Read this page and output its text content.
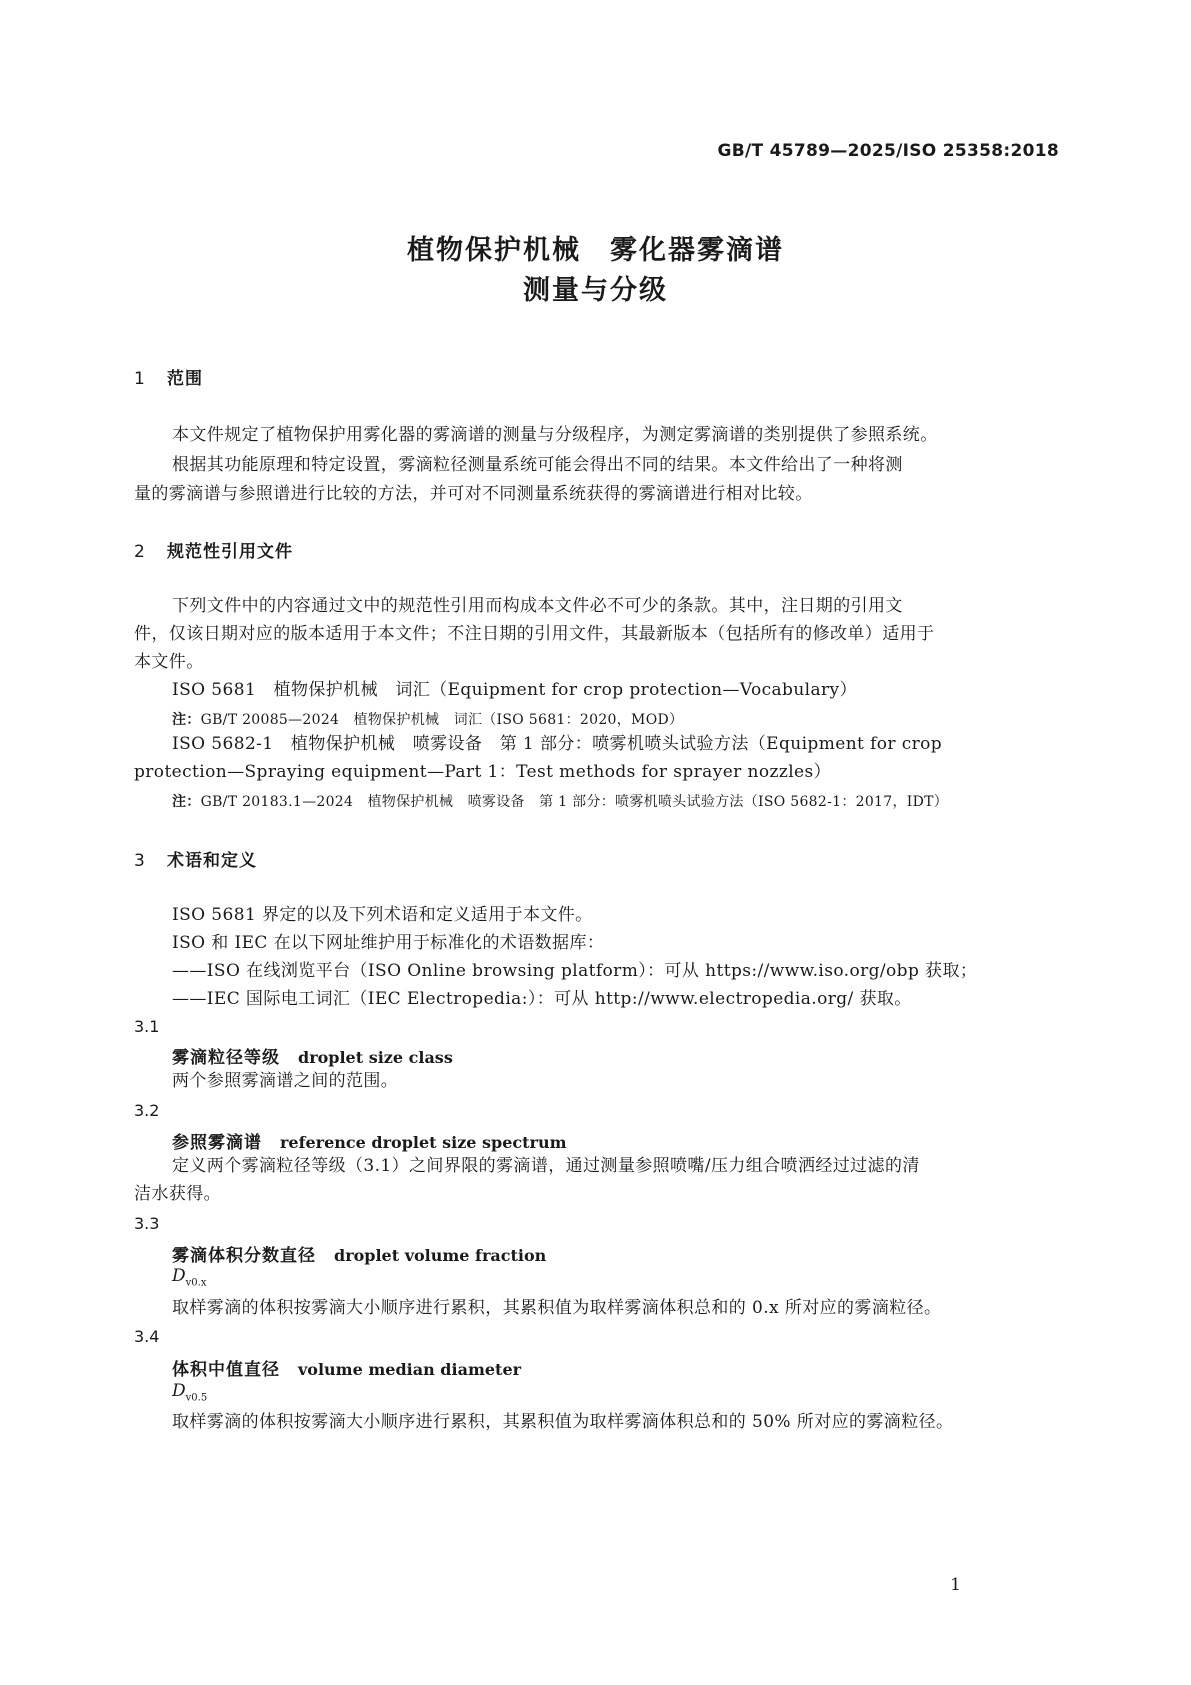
GB/T 45789—2025/ISO 25358:2018
植物保护机械　雾化器雾滴谱
测量与分级
1 范围
本文件规定了植物保护用雾化器的雾滴谱的测量与分级程序，为测定雾滴谱的类别提供了参照系统。
根据其功能原理和特定设置，雾滴粒径测量系统可能会得出不同的结果。本文件给出了一种将测
量的雾滴谱与参照谱进行比较的方法，并可对不同测量系统获得的雾滴谱进行相对比较。
2 规范性引用文件
下列文件中的内容通过文中的规范性引用而构成本文件必不可少的条款。其中，注日期的引用文
件，仅该日期对应的版本适用于本文件；不注日期的引用文件，其最新版本（包括所有的修改单）适用于
本文件。
ISO 5681　植物保护机械　词汇（Equipment for crop protection—Vocabulary）
注：GB/T 20085—2024　植物保护机械　词汇（ISO 5681：2020，MOD）
ISO 5682-1　植物保护机械　喷雾设备　第 1 部分：喷雾机喷头试验方法（Equipment for crop
protection—Spraying equipment—Part 1：Test methods for sprayer nozzles）
注：GB/T 20183.1—2024　植物保护机械　喷雾设备　第 1 部分：喷雾机喷头试验方法（ISO 5682-1：2017，IDT）
3 术语和定义
ISO 5681 界定的以及下列术语和定义适用于本文件。
ISO 和 IEC 在以下网址维护用于标准化的术语数据库：
——ISO 在线浏览平台（ISO Online browsing platform）：可从 https://www.iso.org/obp 获取；
——IEC 国际电工词汇（IEC Electropedia:）：可从 http://www.electropedia.org/ 获取。
3.1
雾滴粒径等级 droplet size class
两个参照雾滴谱之间的范围。
3.2
参照雾滴谱 reference droplet size spectrum
定义两个雾滴粒径等级（3.1）之间界限的雾滴谱，通过测量参照喷嘴/压力组合喷洒经过过滤的清
洁水获得。
3.3
雾滴体积分数直径 droplet volume fraction
$D_{v0.x}$
取样雾滴的体积按雾滴大小顺序进行累积，其累积值为取样雾滴体积总和的 0.x 所对应的雾滴粒径。
3.4
体积中值直径 volume median diameter
$D_{v0.5}$
取样雾滴的体积按雾滴大小顺序进行累积，其累积值为取样雾滴体积总和的 50% 所对应的雾滴粒径。
1
